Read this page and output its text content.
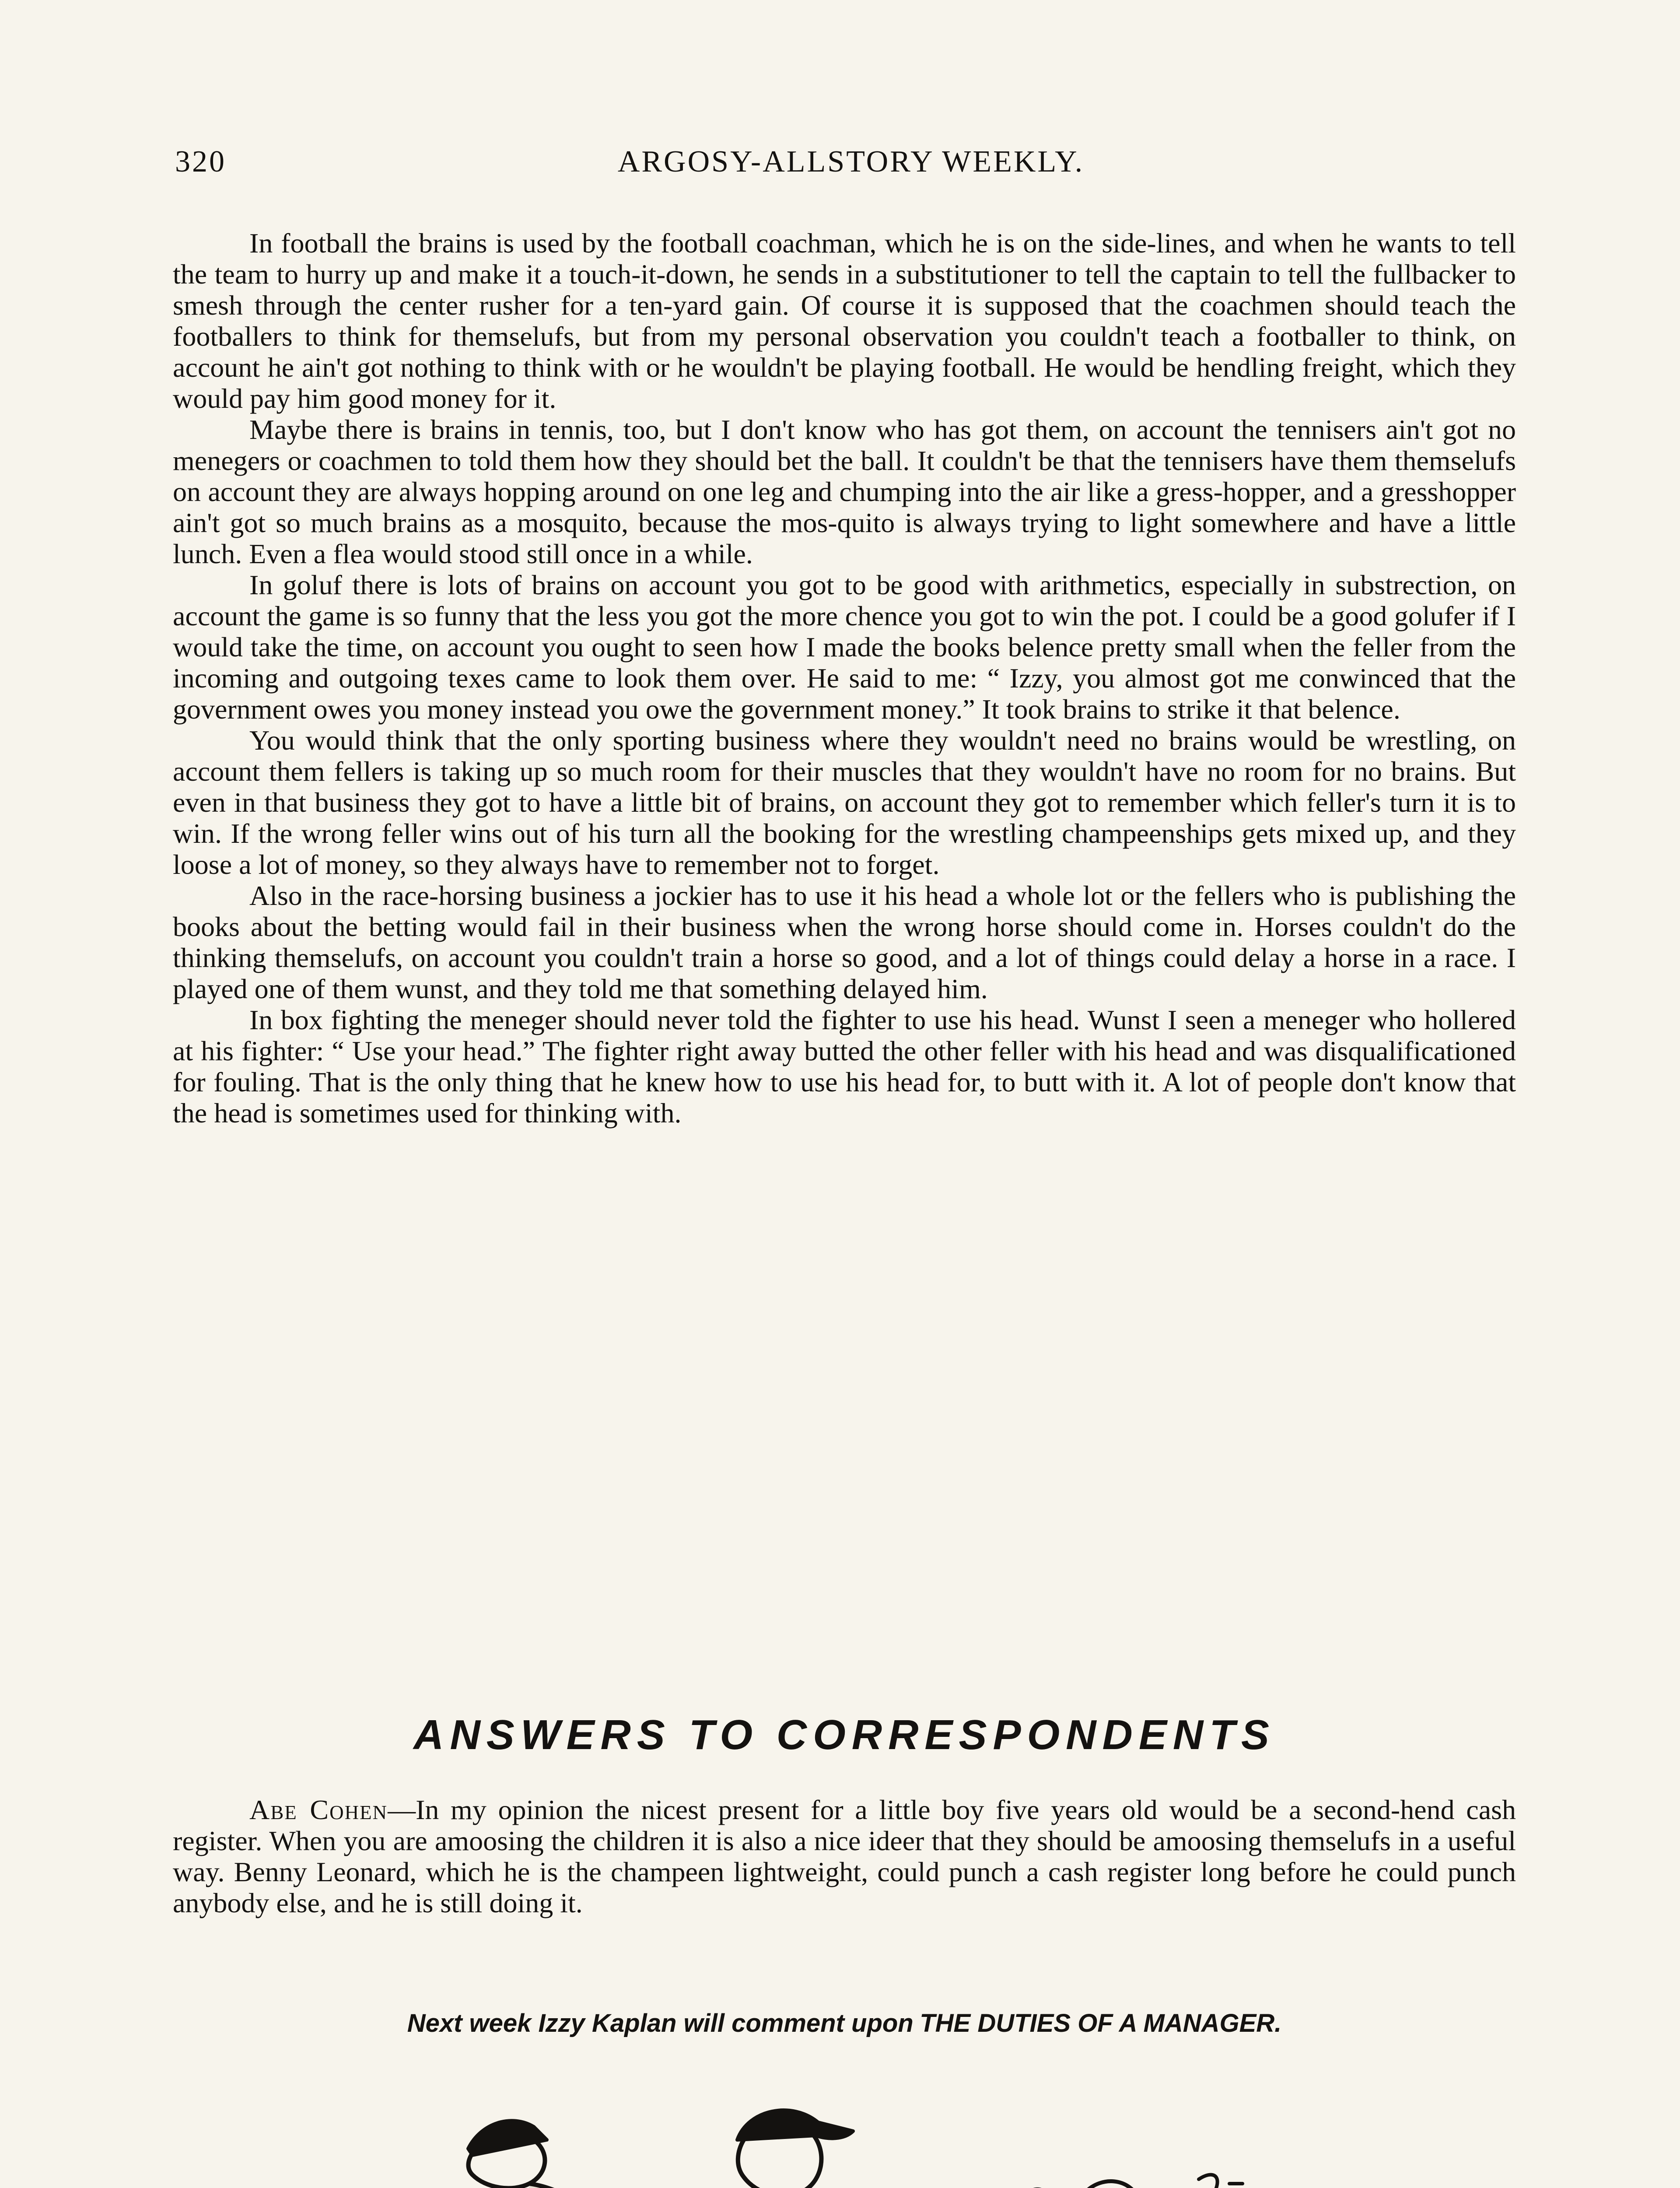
320	ARGOSY-ALLSTORY WEEKLY.

In football the brains is used by the football coachman, which he is on the side-lines, and when he wants to tell the team to hurry up and make it a touch-it-down, he sends in a substitutioner to tell the captain to tell the fullbacker to smesh through the center rusher for a ten-yard gain. Of course it is supposed that the coachmen should teach the footballers to think for themselufs, but from my personal observation you couldn't teach a footballer to think, on account he ain't got nothing to think with or he wouldn't be playing football. He would be hendling freight, which they would pay him good money for it.

Maybe there is brains in tennis, too, but I don't know who has got them, on account the tennisers ain't got no menegers or coachmen to told them how they should bet the ball. It couldn't be that the tennisers have them themselufs on account they are always hopping around on one leg and chumping into the air like a gress-hopper, and a gresshopper ain't got so much brains as a mosquito, because the mos-quito is always trying to light somewhere and have a little lunch. Even a flea would stood still once in a while.

In goluf there is lots of brains on account you got to be good with arithmetics, especially in substrection, on account the game is so funny that the less you got the more chence you got to win the pot. I could be a good golufer if I would take the time, on account you ought to seen how I made the books belence pretty small when the feller from the incoming and outgoing texes came to look them over. He said to me: “ Izzy, you almost got me conwinced that the government owes you money instead you owe the government money.” It took brains to strike it that belence.

You would think that the only sporting business where they wouldn't need no brains would be wrestling, on account them fellers is taking up so much room for their muscles that they wouldn't have no room for no brains. But even in that business they got to have a little bit of brains, on account they got to remember which feller's turn it is to win. If the wrong feller wins out of his turn all the booking for the wrestling champeenships gets mixed up, and they loose a lot of money, so they always have to remember not to forget.

Also in the race-horsing business a jockier has to use it his head a whole lot or the fellers who is publishing the books about the betting would fail in their business when the wrong horse should come in. Horses couldn't do the thinking themselufs, on account you couldn't train a horse so good, and a lot of things could delay a horse in a race. I played one of them wunst, and they told me that something delayed him.

In box fighting the meneger should never told the fighter to use his head. Wunst I seen a meneger who hollered at his fighter: “ Use your head.” The fighter right away butted the other feller with his head and was disqualificationed for fouling. That is the only thing that he knew how to use his head for, to butt with it. A lot of people don't know that the head is sometimes used for thinking with.

ANSWERS TO CORRESPONDENTS

Abe Cohen—In my opinion the nicest present for a little boy five years old would be a second-hend cash register. When you are amoosing the children it is also a nice ideer that they should be amoosing themselufs in a useful way. Benny Leonard, which he is the champeen lightweight, could punch a cash register long before he could punch anybody else, and he is still doing it.

Next week Izzy Kaplan will comment upon THE DUTIES OF A MANAGER.
